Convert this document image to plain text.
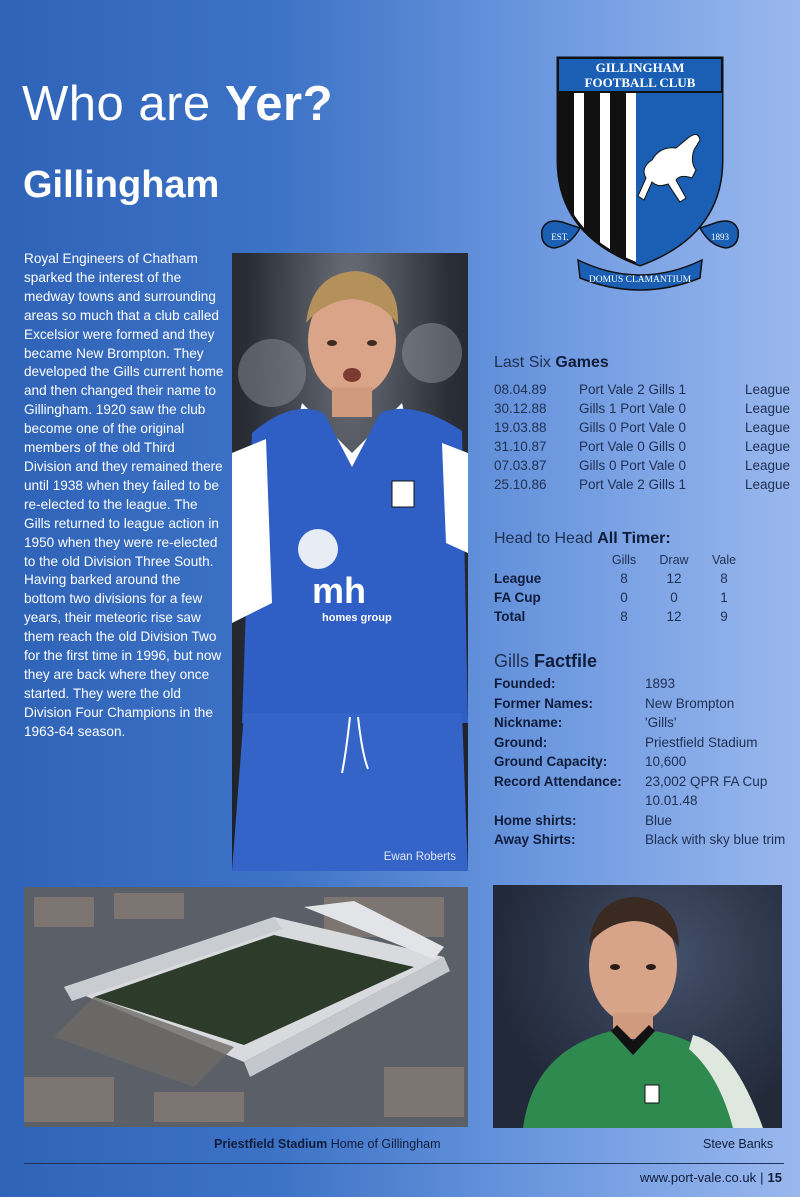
Who are Yer?
Gillingham

Royal Engineers of Chatham sparked the interest of the medway towns and surrounding areas so much that a club called Excelsior were formed and they became New Brompton. They developed the Gills current home and then changed their name to Gillingham. 1920 saw the club become one of the original members of the old Third Division and they remained there until 1938 when they failed to be re-elected to the league. The Gills returned to league action in 1950 when they were re-elected to the old Division Three South. Having barked around the bottom two divisions for a few years, their meteoric rise saw them reach the old Division Two for the first time in 1996, but now they are back where they once started. They were the old Division Four Champions in the 1963-64 season.

GILLINGHAM
FOOTBALL CLUB
EST.	1893
DOMUS CLAMANTIUM
mh
homes group
Ewan Roberts
Last Six Games
08.04.89 Port Vale 2 Gills 1	League
30.12.88 Gills 1 Port Vale 0	League
19.03.88 Gills 0 Port Vale 0	League
31.10.87 Port Vale 0 Gills 0	League
07.03.87 Gills 0 Port Vale 0	League
25.10.86 Port Vale 2 Gills 1	League
Head to Head All Timer:
Gills	Draw	Vale
League	8	12	8
FA Cup	0	0	1
Total	8	12	9
Gills Factfile
Founded:	1893
Former Names:	New Brompton
Nickname:	'Gills'
Ground:	Priestfield Stadium
Ground Capacity:	10,600
Record Attendance:	23,002 QPR FA Cup 10.01.48
Home shirts:	Blue
Away Shirts:	Black with sky blue trim
Priestfield Stadium Home of Gillingham	Steve Banks
www.port-vale.co.uk | 15
